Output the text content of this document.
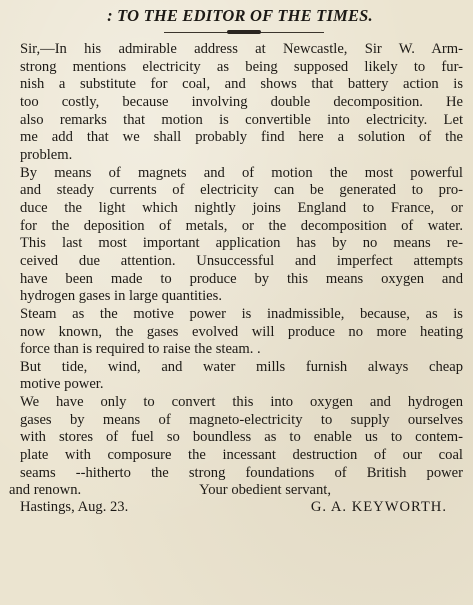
: TO THE EDITOR OF THE TIMES.
Sir,—In his admirable address at Newcastle, Sir W. Arm-
strong mentions electricity as being supposed likely to fur-
nish a substitute for coal, and shows that battery action is
too costly, because involving double decomposition. He
also remarks that motion is convertible into electricity. Let
me add that we shall probably find here a solution of the
problem.
By means of magnets and of motion the most powerful
and steady currents of electricity can be generated to pro-
duce the light which nightly joins England to France, or
for the deposition of metals, or the decomposition of water.
This last most important application has by no means re-
ceived due attention. Unsuccessful and imperfect attempts
have been made to produce by this means oxygen and
hydrogen gases in large quantities.
Steam as the motive power is inadmissible, because, as is
now known, the gases evolved will produce no more heating
force than is required to raise the steam. .
But tide, wind, and water mills furnish always cheap
motive power.
We have only to convert this into oxygen and hydrogen
gases by means of magneto-electricity to supply ourselves
with stores of fuel so boundless as to enable us to contem-
plate with composure the incessant destruction of our coal
seams --hitherto the strong foundations of British power
and renown.	Your obedient servant,
Hastings, Aug. 23.	G. A. KEYWORTH.
